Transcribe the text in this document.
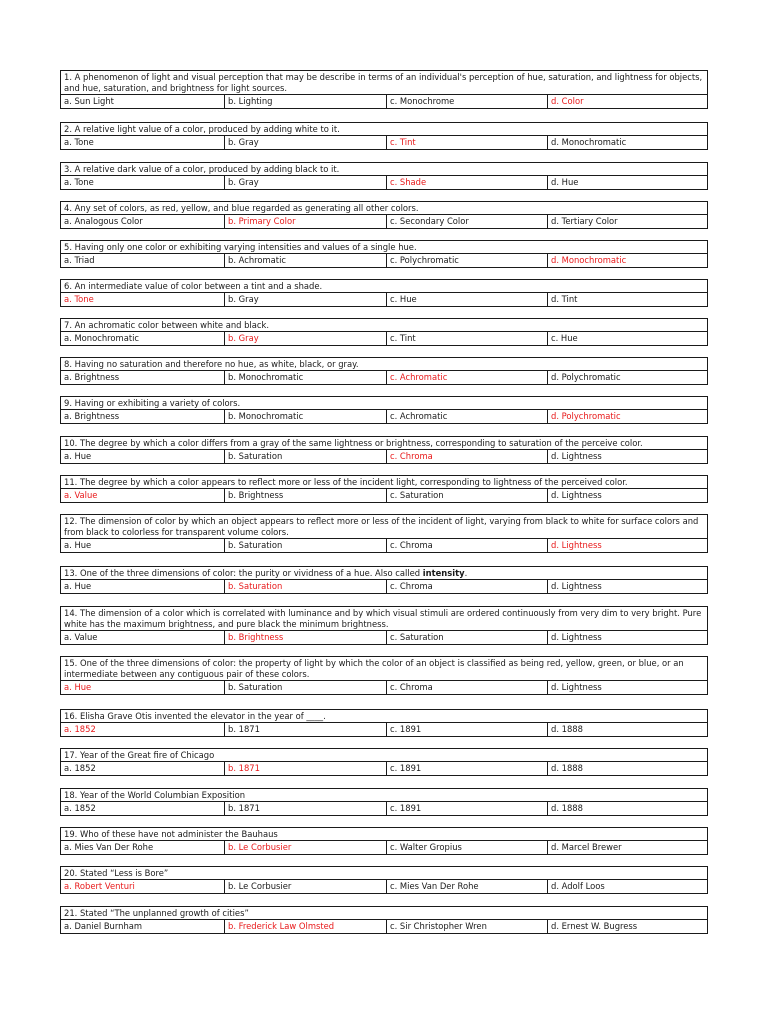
1. A phenomenon of light and visual perception that may be describe in terms of an individual's perception of hue, saturation, and lightness for objects, and hue, saturation, and brightness for light sources.
a. Sun Light	b. Lighting	c. Monochrome	d. Color
2. A relative light value of a color, produced by adding white to it.
a. Tone	b. Gray	c. Tint	d. Monochromatic
3. A relative dark value of a color, produced by adding black to it.
a. Tone	b. Gray	c. Shade	d. Hue
4. Any set of colors, as red, yellow, and blue regarded as generating all other colors.
a. Analogous Color	b. Primary Color	c. Secondary Color	d. Tertiary Color
5. Having only one color or exhibiting varying intensities and values of a single hue.
a. Triad	b. Achromatic	c. Polychromatic	d. Monochromatic
6. An intermediate value of color between a tint and a shade.
a. Tone	b. Gray	c. Hue	d. Tint
7. An achromatic color between white and black.
a. Monochromatic	b. Gray	c. Tint	c. Hue
8. Having no saturation and therefore no hue, as white, black, or gray.
a. Brightness	b. Monochromatic	c. Achromatic	d. Polychromatic
9. Having or exhibiting a variety of colors.
a. Brightness	b. Monochromatic	c. Achromatic	d. Polychromatic
10. The degree by which a color differs from a gray of the same lightness or brightness, corresponding to saturation of the perceive color.
a. Hue	b. Saturation	c. Chroma	d. Lightness
11. The degree by which a color appears to reflect more or less of the incident light, corresponding to lightness of the perceived color.
a. Value	b. Brightness	c. Saturation	d. Lightness
12. The dimension of color by which an object appears to reflect more or less of the incident of light, varying from black to white for surface colors and from black to colorless for transparent volume colors.
a. Hue	b. Saturation	c. Chroma	d. Lightness
13. One of the three dimensions of color: the purity or vividness of a hue. Also called intensity.
a. Hue	b. Saturation	c. Chroma	d. Lightness
14. The dimension of a color which is correlated with luminance and by which visual stimuli are ordered continuously from very dim to very bright. Pure white has the maximum brightness, and pure black the minimum brightness.
a. Value	b. Brightness	c. Saturation	d. Lightness
15. One of the three dimensions of color: the property of light by which the color of an object is classified as being red, yellow, green, or blue, or an intermediate between any contiguous pair of these colors.
a. Hue	b. Saturation	c. Chroma	d. Lightness
16. Elisha Grave Otis invented the elevator in the year of ____.
a. 1852	b. 1871	c. 1891	d. 1888
17. Year of the Great fire of Chicago
a. 1852	b. 1871	c. 1891	d. 1888
18. Year of the World Columbian Exposition
a. 1852	b. 1871	c. 1891	d. 1888
19. Who of these have not administer the Bauhaus
a. Mies Van Der Rohe	b. Le Corbusier	c. Walter Gropius	d. Marcel Brewer
20. Stated “Less is Bore”
a. Robert Venturi	b. Le Corbusier	c. Mies Van Der Rohe	d. Adolf Loos
21. Stated “The unplanned growth of cities”
a. Daniel Burnham	b. Frederick Law Olmsted	c. Sir Christopher Wren	d. Ernest W. Bugress
